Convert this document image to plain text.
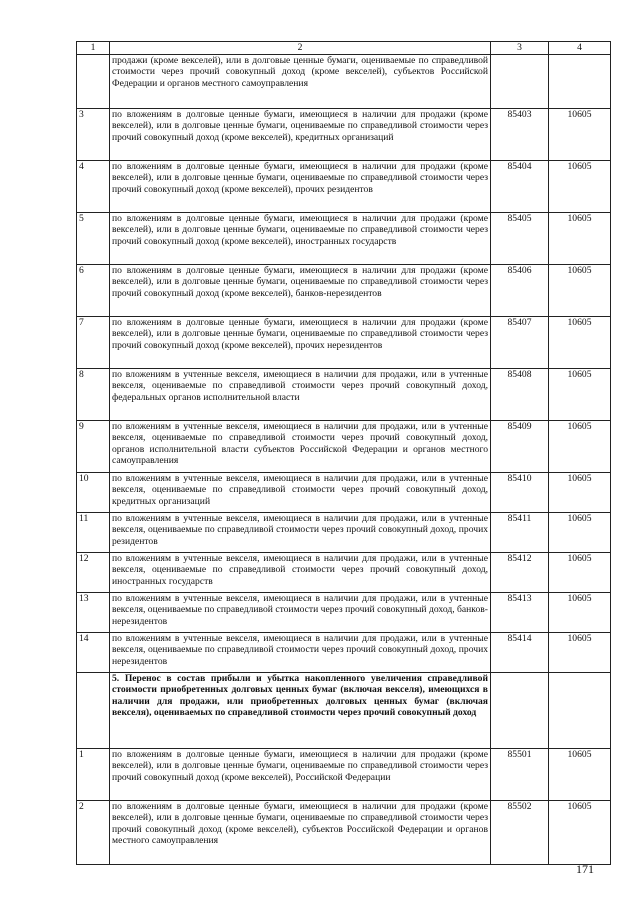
1	2	3	4
	продажи (кроме векселей), или в долговые ценные бумаги, оцениваемые по справедливой стоимости через прочий совокупный доход (кроме векселей), субъектов Российской Федерации и органов местного самоуправления		
3	по вложениям в долговые ценные бумаги, имеющиеся в наличии для продажи (кроме векселей), или в долговые ценные бумаги, оцениваемые по справедливой стоимости через прочий совокупный доход (кроме векселей), кредитных организаций	85403	10605
4	по вложениям в долговые ценные бумаги, имеющиеся в наличии для продажи (кроме векселей), или в долговые ценные бумаги, оцениваемые по справедливой стоимости через прочий совокупный доход (кроме векселей), прочих резидентов	85404	10605
5	по вложениям в долговые ценные бумаги, имеющиеся в наличии для продажи (кроме векселей), или в долговые ценные бумаги, оцениваемые по справедливой стоимости через прочий совокупный доход (кроме векселей), иностранных государств	85405	10605
6	по вложениям в долговые ценные бумаги, имеющиеся в наличии для продажи (кроме векселей), или в долговые ценные бумаги, оцениваемые по справедливой стоимости через прочий совокупный доход (кроме векселей), банков-нерезидентов	85406	10605
7	по вложениям в долговые ценные бумаги, имеющиеся в наличии для продажи (кроме векселей), или в долговые ценные бумаги, оцениваемые по справедливой стоимости через прочий совокупный доход (кроме векселей), прочих нерезидентов	85407	10605
8	по вложениям в учтенные векселя, имеющиеся в наличии для продажи, или в учтенные векселя, оцениваемые по справедливой стоимости через прочий совокупный доход, федеральных органов исполнительной власти	85408	10605
9	по вложениям в учтенные векселя, имеющиеся в наличии для продажи, или в учтенные векселя, оцениваемые по справедливой стоимости через прочий совокупный доход, органов исполнительной власти субъектов Российской Федерации и органов местного самоуправления	85409	10605
10	по вложениям в учтенные векселя, имеющиеся в наличии для продажи, или в учтенные векселя, оцениваемые по справедливой стоимости через прочий совокупный доход, кредитных организаций	85410	10605
11	по вложениям в учтенные векселя, имеющиеся в наличии для продажи, или в учтенные векселя, оцениваемые по справедливой стоимости через прочий совокупный доход, прочих резидентов	85411	10605
12	по вложениям в учтенные векселя, имеющиеся в наличии для продажи, или в учтенные векселя, оцениваемые по справедливой стоимости через прочий совокупный доход, иностранных государств	85412	10605
13	по вложениям в учтенные векселя, имеющиеся в наличии для продажи, или в учтенные векселя, оцениваемые по справедливой стоимости через прочий совокупный доход, банков-нерезидентов	85413	10605
14	по вложениям в учтенные векселя, имеющиеся в наличии для продажи, или в учтенные векселя, оцениваемые по справедливой стоимости через прочий совокупный доход, прочих нерезидентов	85414	10605
	5. Перенос в состав прибыли и убытка накопленного увеличения справедливой стоимости приобретенных долговых ценных бумаг (включая векселя), имеющихся в наличии для продажи, или приобретенных долговых ценных бумаг (включая векселя), оцениваемых по справедливой стоимости через прочий совокупный доход		
1	по вложениям в долговые ценные бумаги, имеющиеся в наличии для продажи (кроме векселей), или в долговые ценные бумаги, оцениваемые по справедливой стоимости через прочий совокупный доход (кроме векселей), Российской Федерации	85501	10605
2	по вложениям в долговые ценные бумаги, имеющиеся в наличии для продажи (кроме векселей), или в долговые ценные бумаги, оцениваемые по справедливой стоимости через прочий совокупный доход (кроме векселей), субъектов Российской Федерации и органов местного самоуправления	85502	10605
171
